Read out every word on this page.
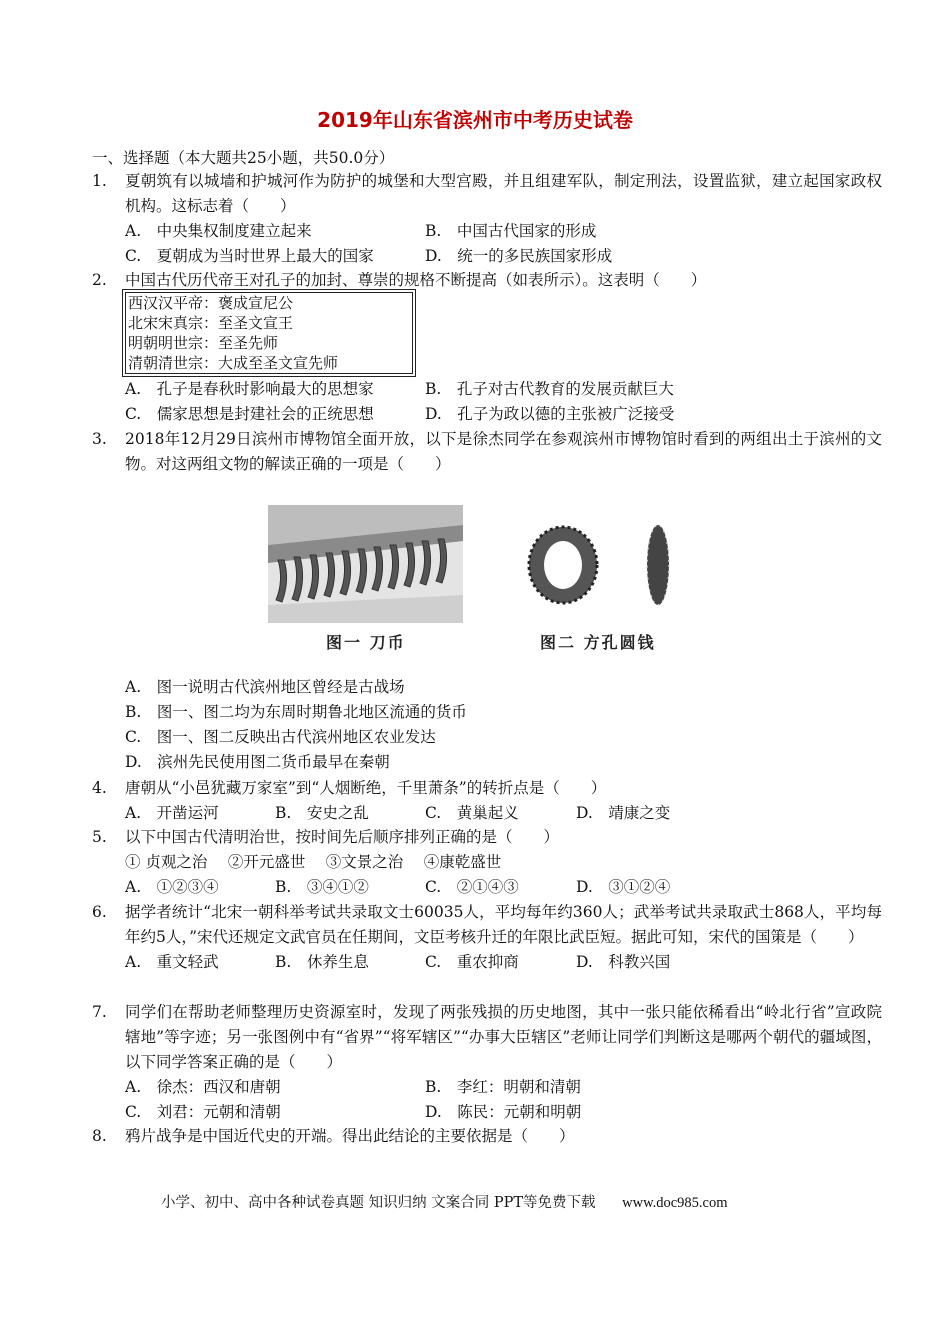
2019年山东省滨州市中考历史试卷
一、选择题（本大题共25小题，共50.0分）
1. 夏朝筑有以城墙和护城河作为防护的城堡和大型宫殿，并且组建军队，制定刑法，设置监狱，建立起国家政权机构。这标志着（　　）
A.　中央集权制度建立起来	B.　中国古代国家的形成
C.　夏朝成为当时世界上最大的国家	D.　统一的多民族国家形成
2. 中国古代历代帝王对孔子的加封、尊崇的规格不断提高（如表所示）。这表明（　　）
西汉汉平帝：褒成宣尼公
北宋宋真宗：至圣文宣王
明朝明世宗：至圣先师
清朝清世宗：大成至圣文宣先师
A.　孔子是春秋时影响最大的思想家	B.　孔子对古代教育的发展贡献巨大
C.　儒家思想是封建社会的正统思想	D.　孔子为政以德的主张被广泛接受
3. 2018年12月29日滨州市博物馆全面开放，以下是徐杰同学在参观滨州市博物馆时看到的两组出土于滨州的文物。对这两组文物的解读正确的一项是（　　）
图一 刀币	图二 方孔圆钱
A.　图一说明古代滨州地区曾经是古战场
B.　图一、图二均为东周时期鲁北地区流通的货币
C.　图一、图二反映出古代滨州地区农业发达
D.　滨州先民使用图二货币最早在秦朝
4. 唐朝从“小邑犹藏万家室”到“人烟断绝，千里萧条”的转折点是（　　）
A.　开凿运河	B.　安史之乱	C.　黄巢起义	D.　靖康之变
5. 以下中国古代清明治世，按时间先后顺序排列正确的是（　　）
① 贞观之治　 ②开元盛世　 ③文景之治　 ④康乾盛世
A.　①②③④	B.　③④①②	C.　②①④③	D.　③①②④
6. 据学者统计“北宋一朝科举考试共录取文士60035人，平均每年约360人；武举考试共录取武士868人，平均每年约5人，”宋代还规定文武官员在任期间，文臣考核升迁的年限比武臣短。据此可知，宋代的国策是（　　）
A.　重文轻武	B.　休养生息	C.　重农抑商	D.　科教兴国
7. 同学们在帮助老师整理历史资源室时，发现了两张残损的历史地图，其中一张只能依稀看出“岭北行省”宣政院辖地”等字迹；另一张图例中有“省界”“将军辖区”“办事大臣辖区”老师让同学们判断这是哪两个朝代的疆域图，以下同学答案正确的是（　　）
A.　徐杰：西汉和唐朝	B.　李红：明朝和清朝
C.　刘君：元朝和清朝	D.　陈民：元朝和明朝
8. 鸦片战争是中国近代史的开端。得出此结论的主要依据是（　　）
小学、初中、高中各种试卷真题 知识归纳 文案合同 PPT等免费下载 www.doc985.com
